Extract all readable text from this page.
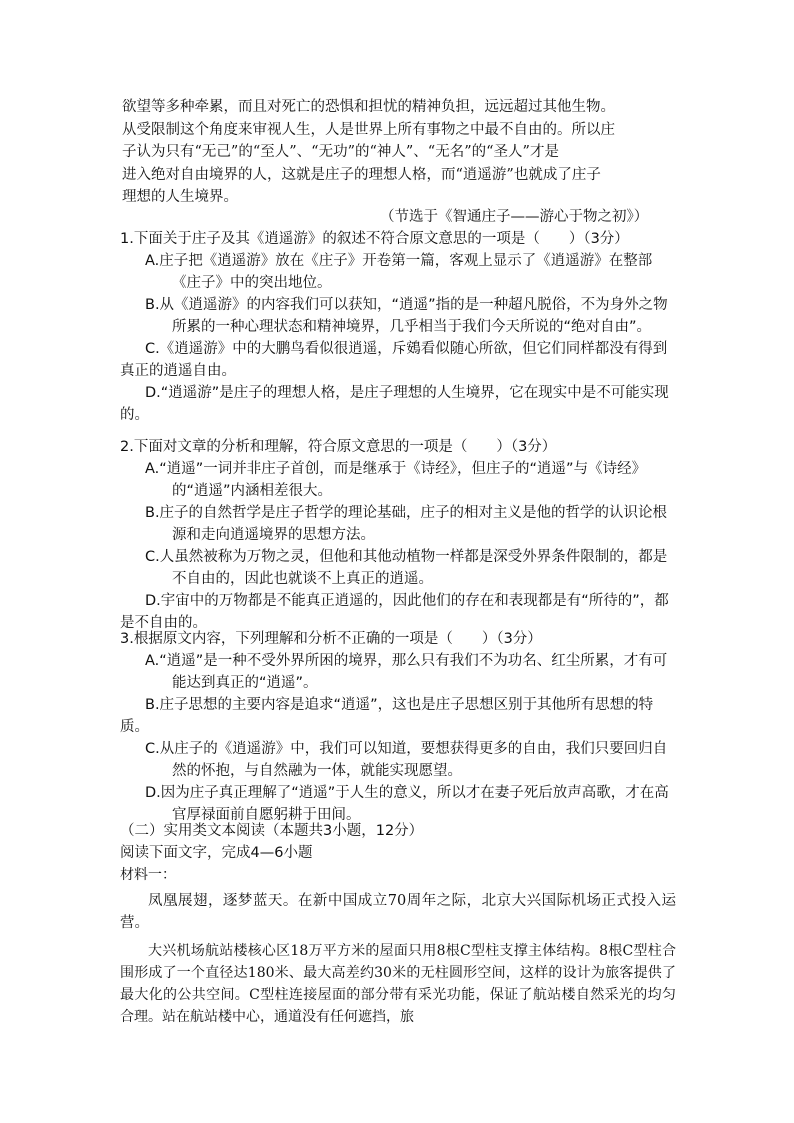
欲望等多种牵累，而且对死亡的恐惧和担忧的精神负担，远远超过其他生物。

从受限制这个角度来审视人生，人是世界上所有事物之中最不自由的。所以庄

子认为只有“无己”的“至人”、“无功”的“神人”、“无名”的“圣人”才是

进入绝对自由境界的人，这就是庄子的理想人格，而“逍遥游”也就成了庄子

理想的人生境界。

（节选于《智通庄子——游心于物之初》）

1.下面关于庄子及其《逍遥游》的叙述不符合原文意思的一项是（　　）（3分）

A.庄子把《逍遥游》放在《庄子》开卷第一篇，客观上显示了《逍遥游》在整部《庄子》中的突出地位。

B.从《逍遥游》的内容我们可以获知，“逍遥”指的是一种超凡脱俗，不为身外之物所累的一种心理状态和精神境界，几乎相当于我们今天所说的“绝对自由”。

C.《逍遥游》中的大鹏鸟看似很逍遥，斥鴳看似随心所欲，但它们同样都没有得到真正的逍遥自由。

D.“逍遥游”是庄子的理想人格，是庄子理想的人生境界，它在现实中是不可能实现的。

2.下面对文章的分析和理解，符合原文意思的一项是（　　）（3分）

A.“逍遥”一词并非庄子首创，而是继承于《诗经》，但庄子的“逍遥”与《诗经》的“逍遥”内涵相差很大。

B.庄子的自然哲学是庄子哲学的理论基础，庄子的相对主义是他的哲学的认识论根源和走向逍遥境界的思想方法。

C.人虽然被称为万物之灵，但他和其他动植物一样都是深受外界条件限制的，都是不自由的，因此也就谈不上真正的逍遥。

D.宇宙中的万物都是不能真正逍遥的，因此他们的存在和表现都是有“所待的”，都是不自由的。

3.根据原文内容，下列理解和分析不正确的一项是（　　）（3分）

A.“逍遥”是一种不受外界所困的境界，那么只有我们不为功名、红尘所累，才有可能达到真正的“逍遥”。

B.庄子思想的主要内容是追求“逍遥”，这也是庄子思想区别于其他所有思想的特质。

C.从庄子的《逍遥游》中，我们可以知道，要想获得更多的自由，我们只要回归自然的怀抱，与自然融为一体，就能实现愿望。

D.因为庄子真正理解了“逍遥”于人生的意义，所以才在妻子死后放声高歌，才在高官厚禄面前自愿躬耕于田间。

（二）实用类文本阅读（本题共3小题，12分）

阅读下面文字，完成4—6小题

材料一：

凤凰展翅，逐梦蓝天。在新中国成立70周年之际，北京大兴国际机场正式投入运营。

大兴机场航站楼核心区18万平方米的屋面只用8根C型柱支撑主体结构。8根C型柱合围形成了一个直径达180米、最大高差约30米的无柱圆形空间，这样的设计为旅客提供了最大化的公共空间。C型柱连接屋面的部分带有采光功能，保证了航站楼自然采光的均匀合理。站在航站楼中心，通道没有任何遮挡，旅
